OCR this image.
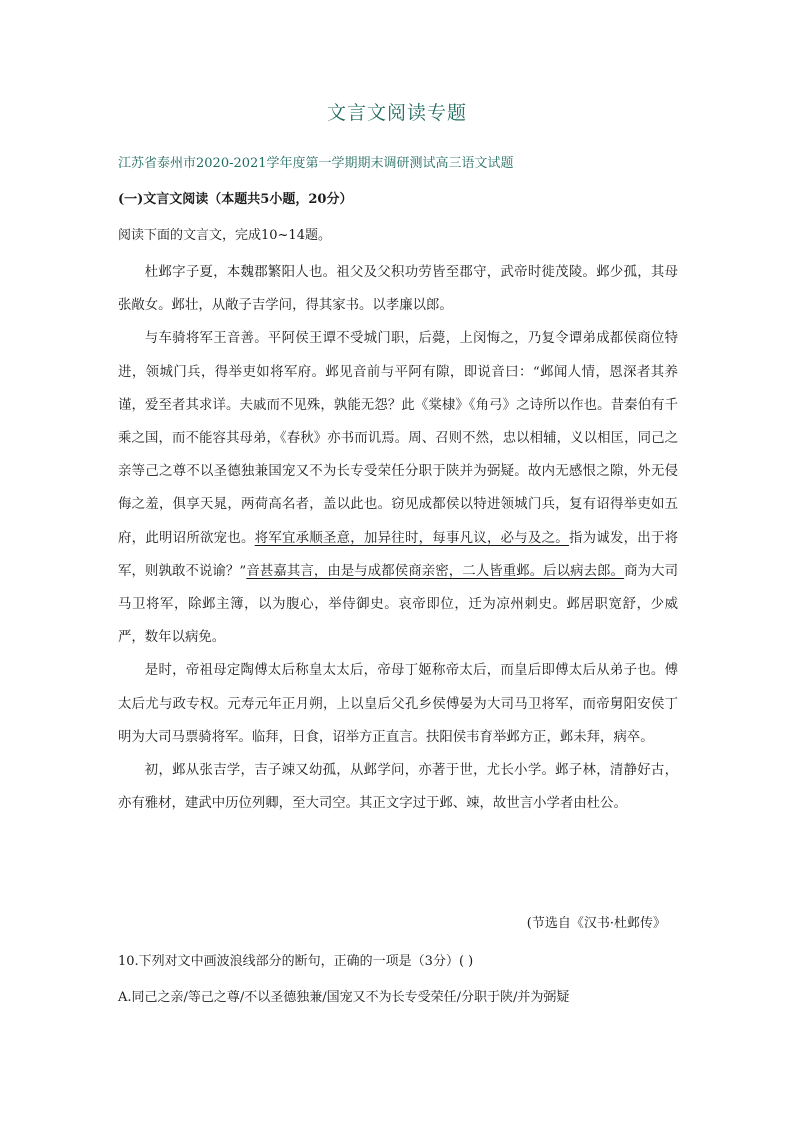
文言文阅读专题
江苏省泰州市2020-2021学年度第一学期期末调研测试高三语文试题
(一)文言文阅读（本题共5小题，20分）
阅读下面的文言文，完成10~14题。

杜邺字子夏，本魏郡繁阳人也。祖父及父积功劳皆至郡守，武帝时徙茂陵。邺少孤，其母张敞女。邺壮，从敞子吉学问，得其家书。以孝廉以郎。

与车骑将军王音善。平阿侯王谭不受城门职，后薨，上闵悔之，乃复令谭弟成都侯商位特进，领城门兵，得举吏如将军府。邺见音前与平阿有隙，即说音曰：“邺闻人情，恩深者其养谨，爱至者其求详。夫戚而不见殊，孰能无怨？此《棠棣》《角弓》之诗所以作也。昔秦伯有千乘之国，而不能容其母弟，《春秋》亦书而讥焉。周、召则不然，忠以相辅，义以相匡，同己之亲等己之尊不以圣德独兼国宠又不为长专受荣任分职于陕并为弼疑。故内无感恨之隙，外无侵侮之羞，俱享天晁，两荷高名者，盖以此也。窃见成都侯以特进领城门兵，复有诏得举吏如五府，此明诏所欲宠也。将军宜承顺圣意，加异往时，每事凡议，必与及之。指为诚发，出于将军，则孰敢不说谕？”音甚嘉其言，由是与成都侯商亲密，二人皆重邺。后以病去郎。商为大司马卫将军，除邺主簿，以为腹心，举侍御史。哀帝即位，迁为凉州刺史。邺居职宽舒，少威严，数年以病免。

是时，帝祖母定陶傅太后称皇太太后，帝母丁姬称帝太后，而皇后即傅太后从弟子也。傅太后尤与政专权。元寿元年正月朔，上以皇后父孔乡侯傅晏为大司马卫将军，而帝舅阳安侯丁明为大司马票骑将军。临拜，日食，诏举方正直言。扶阳侯韦育举邺方正，邺未拜，病卒。

初，邺从张吉学，吉子竦又幼孤，从邺学问，亦著于世，尤长小学。邺子林，清静好古，亦有雅材，建武中历位列卿，至大司空。其正文字过于邺、竦，故世言小学者由杜公。

(节选自《汉书·杜邺传》
10.下列对文中画波浪线部分的断句，正确的一项是（3分）( )
A.同己之亲/等己之尊/不以圣德独兼/国宠又不为长专受荣任/分职于陕/并为弼疑
